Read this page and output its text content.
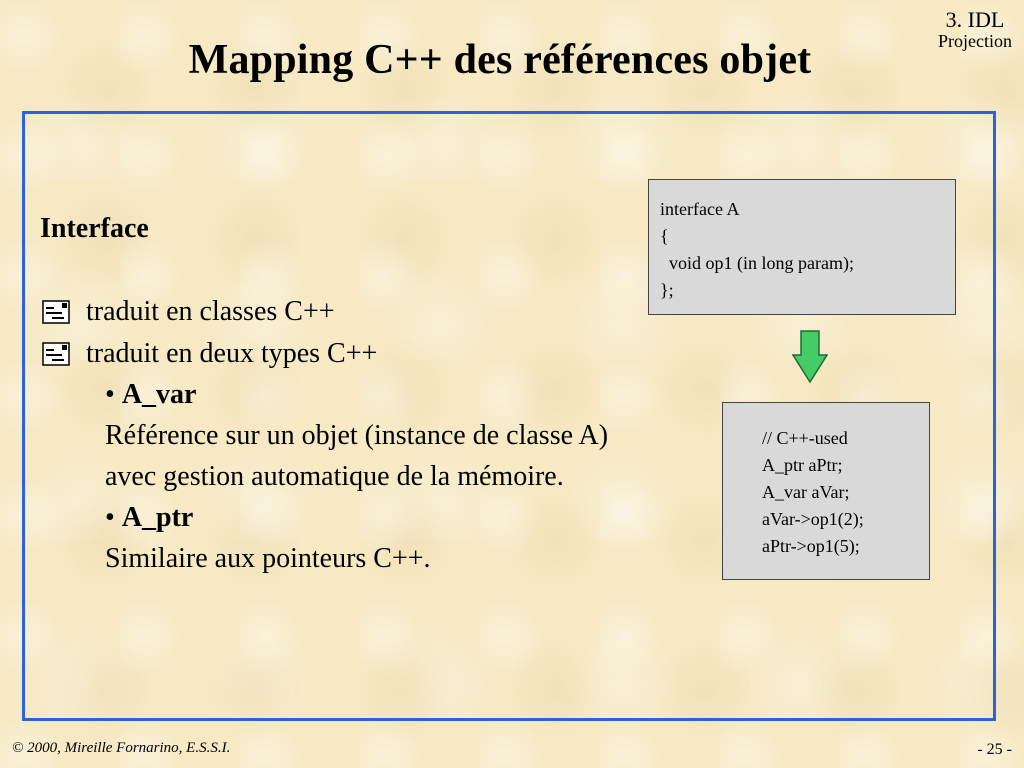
Mapping C++ des références objet
3. IDL
Projection
Interface
traduit en classes C++
traduit en deux types C++
• A_var
Référence sur un objet (instance de classe A)
avec gestion automatique de la mémoire.
• A_ptr
Similaire aux pointeurs C++.
interface A
{
void op1 (in long param);
};
// C++-used
A_ptr aPtr;
A_var aVar;
aVar->op1(2);
aPtr->op1(5);
© 2000, Mireille Fornarino, E.S.S.I.	- 25 -
